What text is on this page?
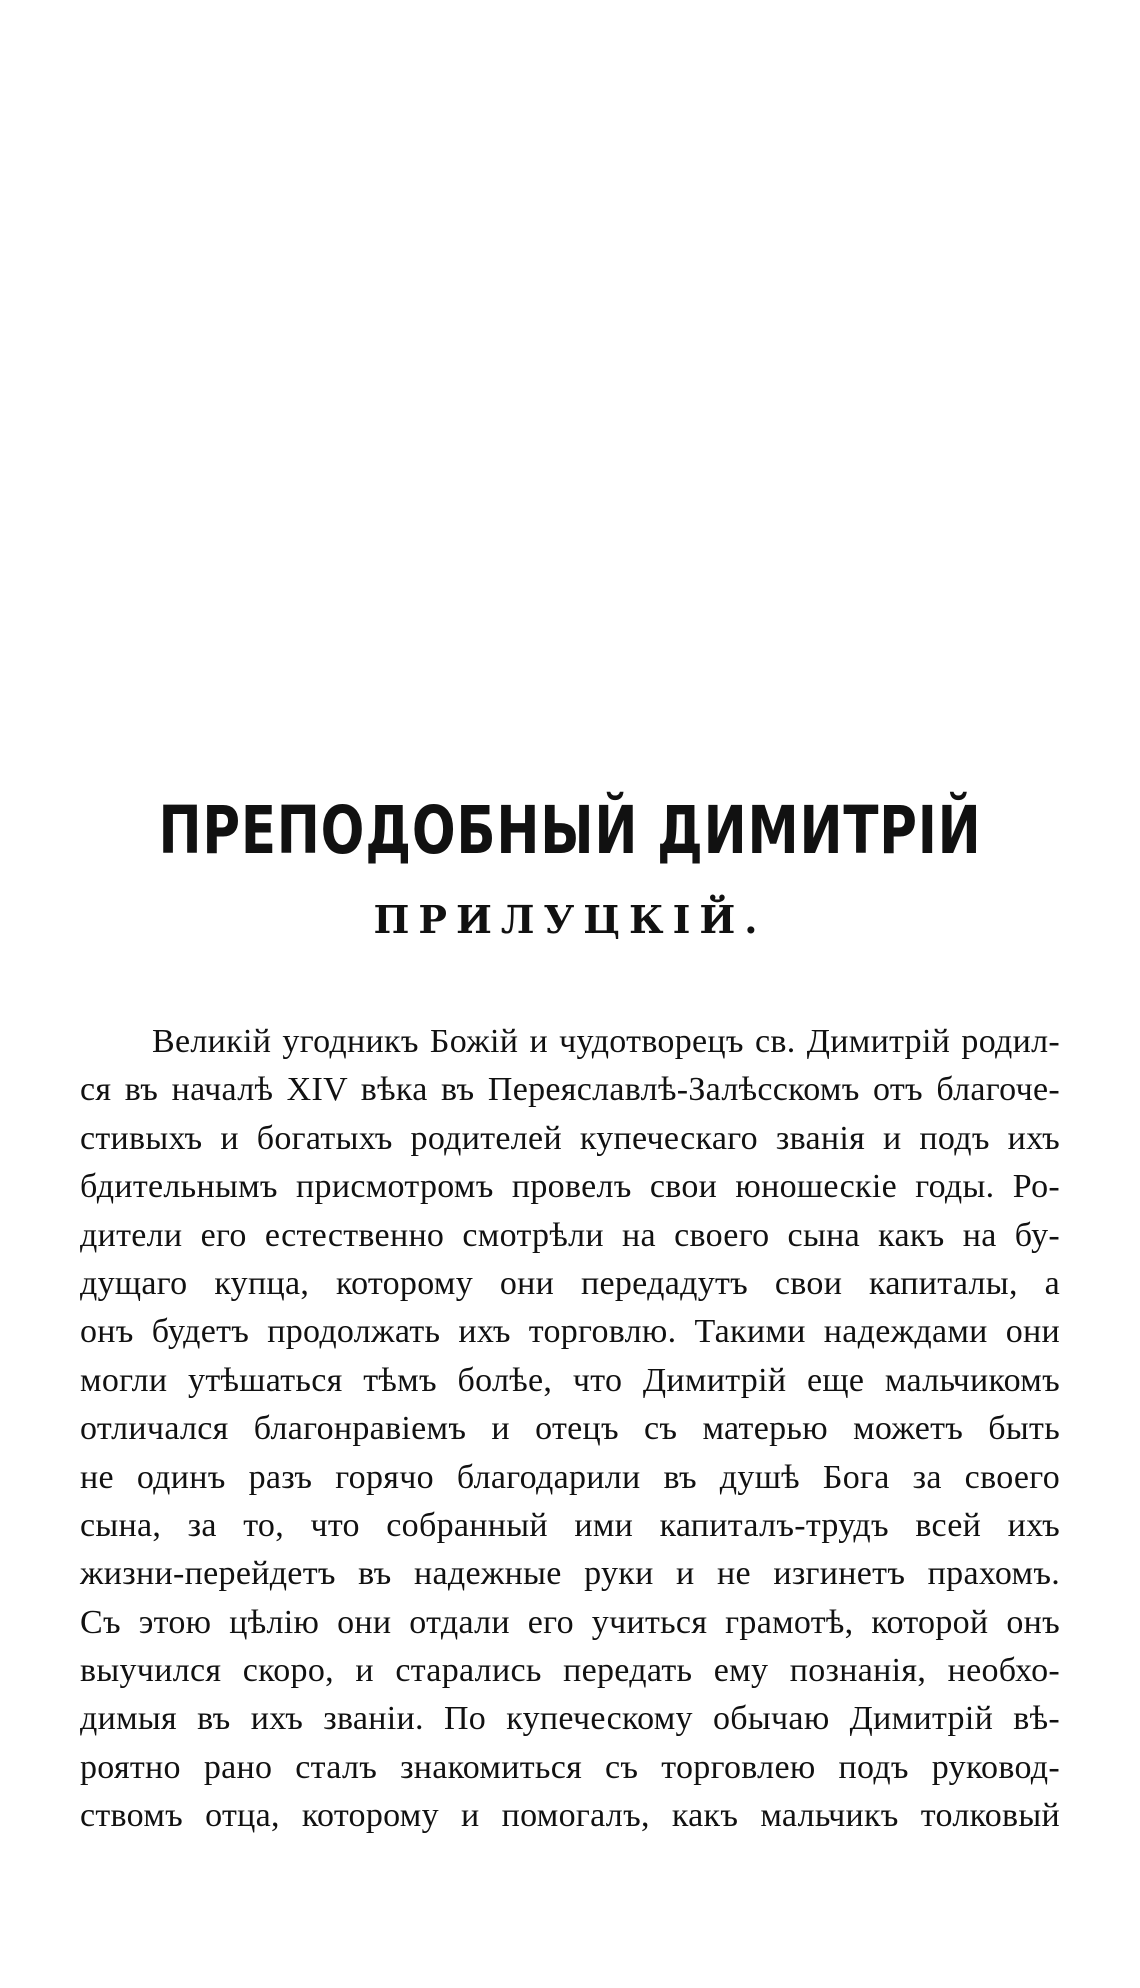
ПРЕПОДОБНЫЙ ДИМИТРІЙ
ПРИЛУЦКІЙ.
Великій угодникъ Божій и чудотворецъ св. Димитрій родил-
ся въ началѣ XIV вѣка въ Переяславлѣ-Залѣсскомъ отъ благоче-
стивыхъ и богатыхъ родителей купеческаго званія и подъ ихъ
бдительнымъ присмотромъ провелъ свои юношескіе годы. Ро-
дители его естественно смотрѣли на своего сына какъ на бу-
дущаго купца, которому они передадутъ свои капиталы, а
онъ будетъ продолжать ихъ торговлю. Такими надеждами они
могли утѣшаться тѣмъ болѣе, что Димитрій еще мальчикомъ
отличался благонравіемъ и отецъ съ матерью можетъ быть
не одинъ разъ горячо благодарили въ душѣ Бога за своего
сына, за то, что собранный ими капиталъ-трудъ всей ихъ
жизни-перейдетъ въ надежные руки и не изгинетъ прахомъ.
Съ этою цѣлію они отдали его учиться грамотѣ, которой онъ
выучился скоро, и старались передать ему познанія, необхо-
димыя въ ихъ званіи. По купеческому обычаю Димитрій вѣ-
роятно рано сталъ знакомиться съ торговлею подъ руковод-
ствомъ отца, которому и помогалъ, какъ мальчикъ толковый
